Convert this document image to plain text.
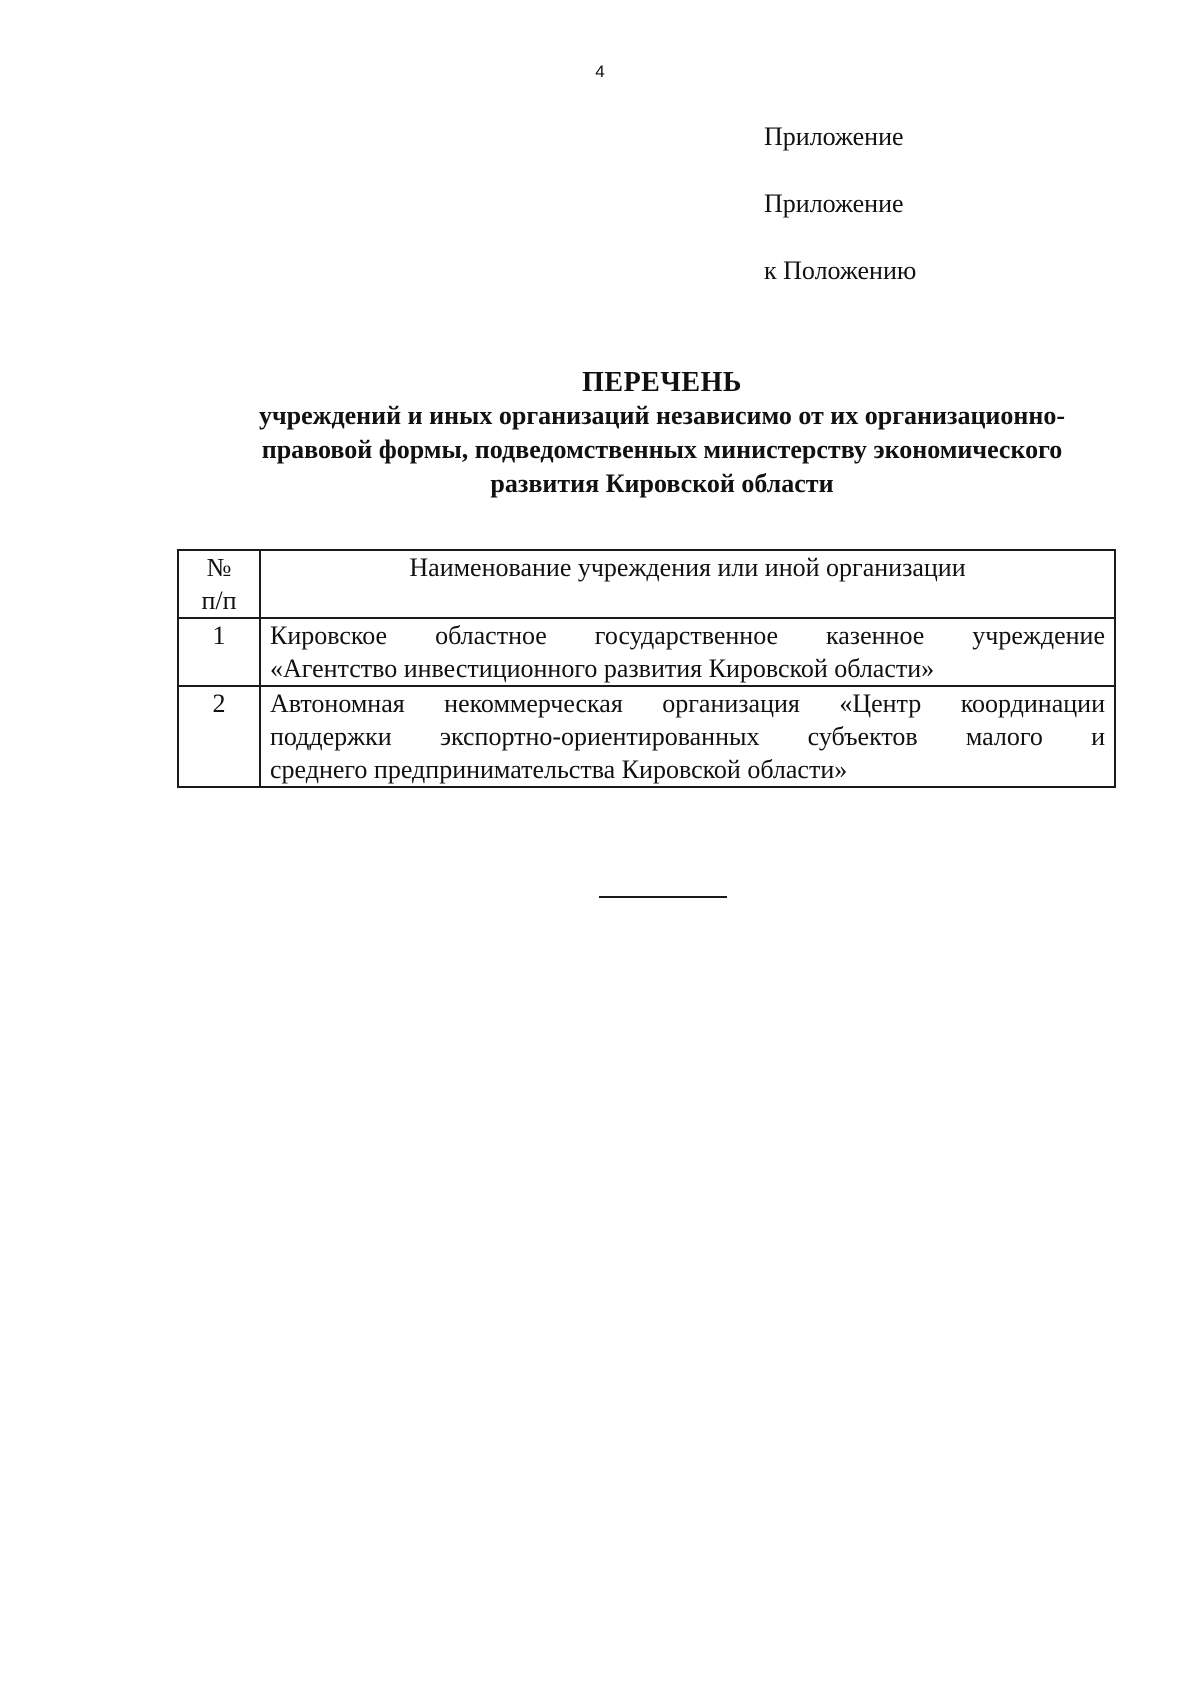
4
Приложение
Приложение
к Положению
ПЕРЕЧЕНЬ
учреждений и иных организаций независимо от их организационно-
правовой формы, подведомственных министерству экономического
развития Кировской области
№
п/п	Наименование учреждения или иной организации
1	Кировское областное государственное казенное учреждение
«Агентство инвестиционного развития Кировской области»

2	Автономная некоммерческая организация «Центр координации
поддержки экспортно-ориентированных субъектов малого и
среднего предпринимательства Кировской области»
